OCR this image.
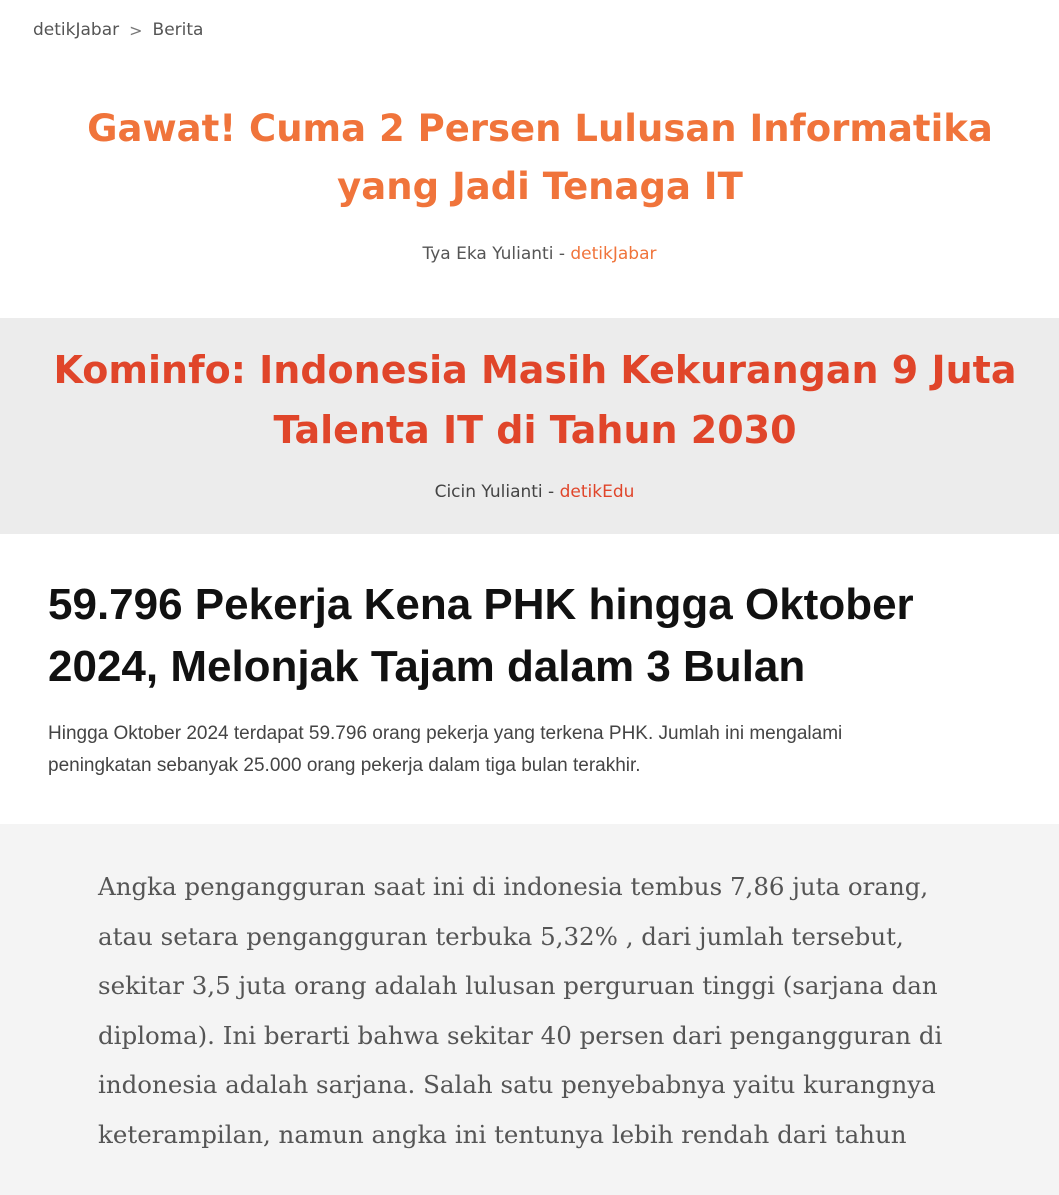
detikJabar > Berita
Gawat! Cuma 2 Persen Lulusan Informatika
yang Jadi Tenaga IT
Tya Eka Yulianti - detikJabar
Kominfo: Indonesia Masih Kekurangan 9 Juta
Talenta IT di Tahun 2030
Cicin Yulianti - detikEdu
59.796 Pekerja Kena PHK hingga Oktober
2024, Melonjak Tajam dalam 3 Bulan

Hingga Oktober 2024 terdapat 59.796 orang pekerja yang terkena PHK. Jumlah ini mengalami
peningkatan sebanyak 25.000 orang pekerja dalam tiga bulan terakhir.

Angka pengangguran saat ini di indonesia tembus 7,86 juta orang,
atau setara pengangguran terbuka 5,32% , dari jumlah tersebut,
sekitar 3,5 juta orang adalah lulusan perguruan tinggi (sarjana dan
diploma). Ini berarti bahwa sekitar 40 persen dari pengangguran di
indonesia adalah sarjana. Salah satu penyebabnya yaitu kurangnya
keterampilan, namun angka ini tentunya lebih rendah dari tahun
